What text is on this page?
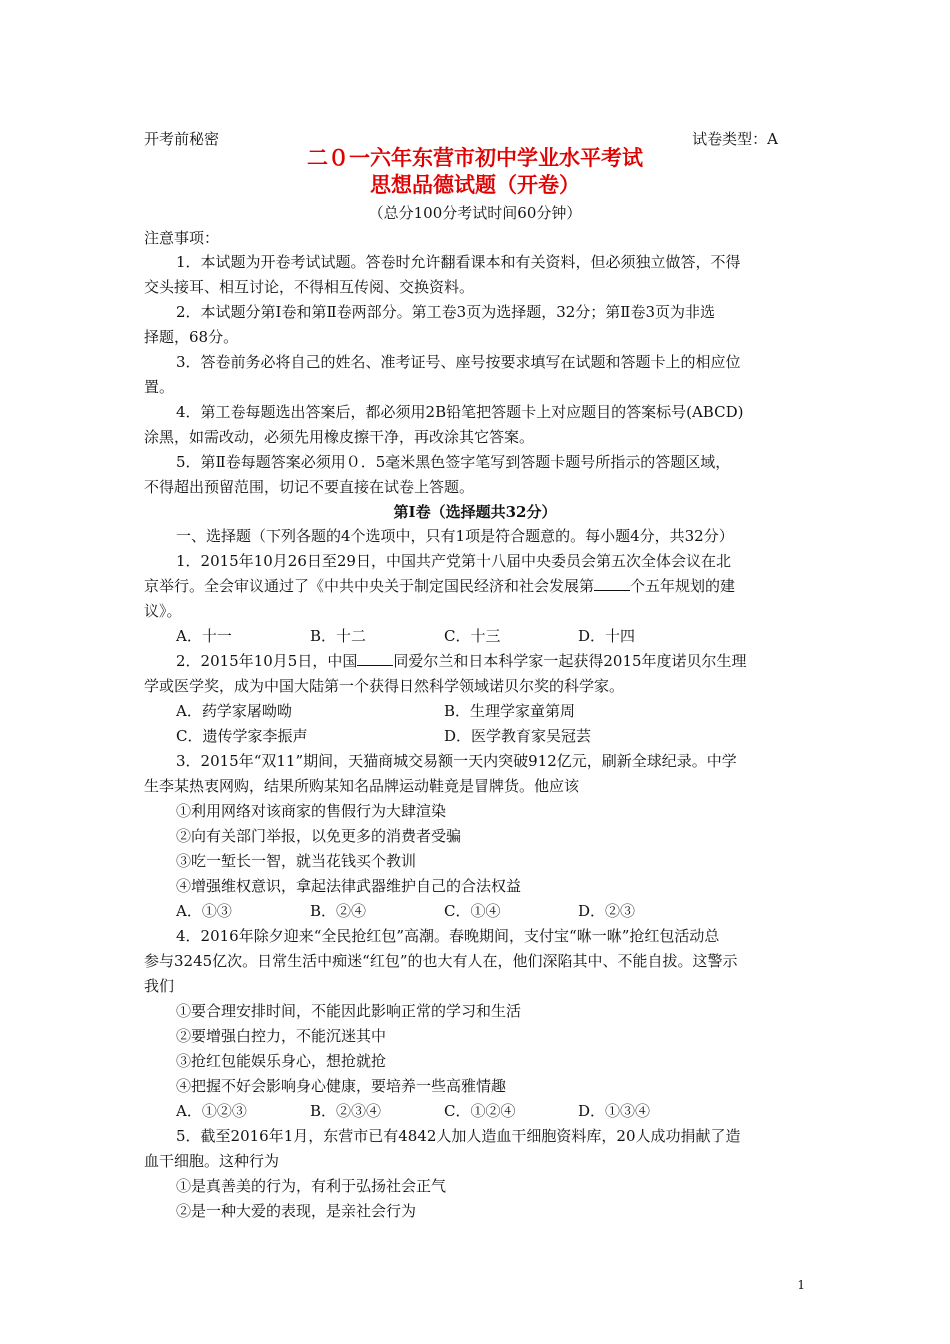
开考前秘密	试卷类型：A
二０一六年东营市初中学业水平考试
思想品德试题（开卷）
（总分100分考试时间60分钟）
注意事项：
1．本试题为开卷考试试题。答卷时允许翻看课本和有关资料，但必须独立做答，不得
交头接耳、相互讨论，不得相互传阅、交换资料。
2．本试题分第Ⅰ卷和第Ⅱ卷两部分。第工卷3页为选择题，32分；第Ⅱ卷3页为非选
择题，68分。
3．答卷前务必将自己的姓名、准考证号、座号按要求填写在试题和答题卡上的相应位
置。
4．第工卷每题选出答案后，都必须用2B铅笔把答题卡上对应题目的答案标号(ABCD)
涂黑，如需改动，必须先用橡皮擦干净，再改涂其它答案。
5．第Ⅱ卷每题答案必须用０．5毫米黑色签字笔写到答题卡题号所指示的答题区域，
不得超出预留范围，切记不要直接在试卷上答题。
第Ⅰ卷（选择题共32分）
一、选择题（下列各题的4个选项中，只有1项是符合题意的。每小题4分，共32分）
1．2015年10月26日至29日，中国共产党第十八届中央委员会第五次全体会议在北
京举行。全会审议通过了《中共中央关于制定国民经济和社会发展第 个五年规划的建
议》。
A．十一	B．十二	C．十三	D．十四
2．2015年10月5日，中国 同爱尔兰和日本科学家一起获得2015年度诺贝尔生理
学或医学奖，成为中国大陆第一个获得日然科学领域诺贝尔奖的科学家。
A．药学家屠呦呦	B．生理学家童第周
C．遗传学家李振声	D．医学教育家吴冠芸
3．2015年“双11”期间，天猫商城交易额一天内突破912亿元，刷新全球纪录。中学
生李某热衷网购，结果所购某知名品牌运动鞋竟是冒牌货。他应该
①利用网络对该商家的售假行为大肆渲染
②向有关部门举报，以免更多的消费者受骗
③吃一堑长一智，就当花钱买个教训
④增强维权意识，拿起法律武器维护自己的合法权益
A．①③	B．②④	C．①④	D．②③
4．2016年除夕迎来“全民抢红包”高潮。春晚期间，支付宝“咻一咻”抢红包活动总
参与3245亿次。日常生活中痴迷“红包”的也大有人在，他们深陷其中、不能自拔。这警示
我们
①要合理安排时间，不能因此影响正常的学习和生活
②要增强白控力，不能沉迷其中
③抢红包能娱乐身心，想抢就抢
④把握不好会影响身心健康，要培养一些高雅情趣
A．①②③	B．②③④	C．①②④	D．①③④
5．截至2016年1月，东营市已有4842人加人造血干细胞资料库，20人成功捐献了造
血干细胞。这种行为
①是真善美的行为，有利于弘扬社会正气
②是一种大爱的表现，是亲社会行为
1
